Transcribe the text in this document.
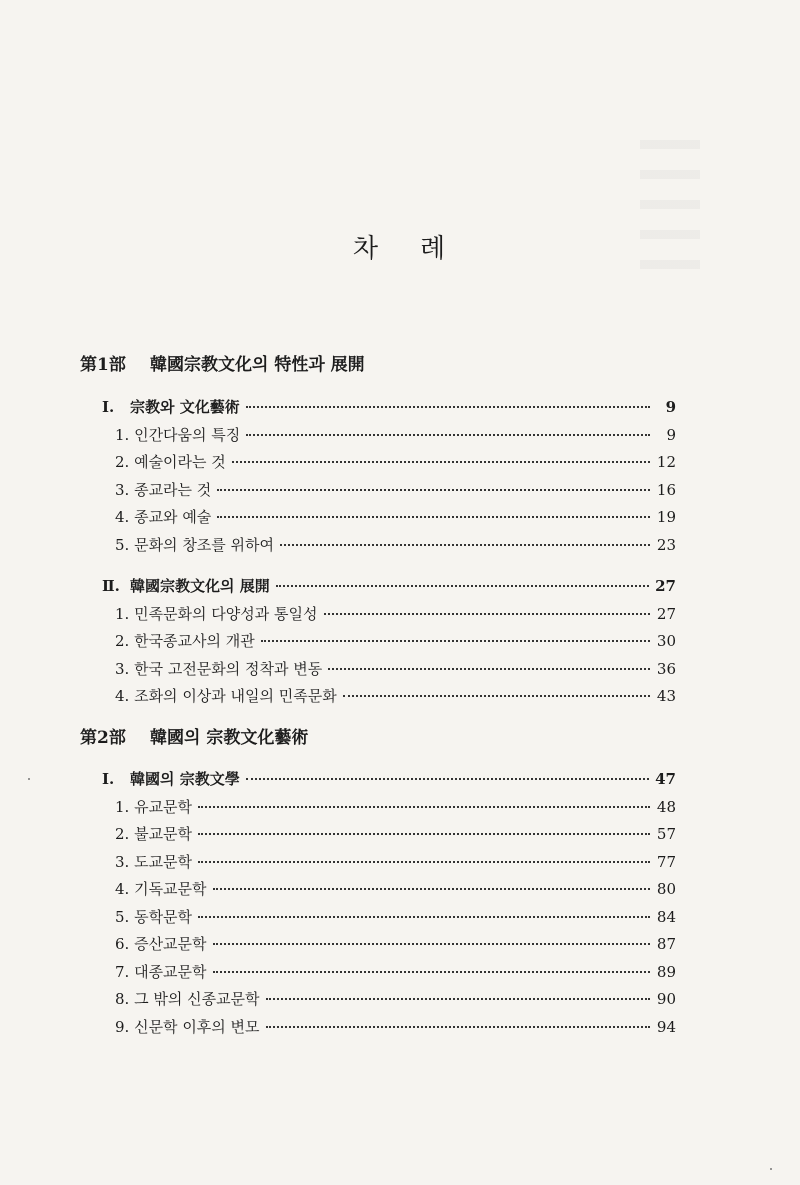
차 례
第1部 韓國宗教文化의 特性과 展開
Ⅰ. 宗教와 文化藝術	9
1. 인간다움의 특징	9
2. 예술이라는 것	12
3. 종교라는 것	16
4. 종교와 예술	19
5. 문화의 창조를 위하여	23
Ⅱ. 韓國宗教文化의 展開	27
1. 민족문화의 다양성과 통일성	27
2. 한국종교사의 개관	30
3. 한국 고전문화의 정착과 변동	36
4. 조화의 이상과 내일의 민족문화	43
第2部 韓國의 宗教文化藝術
Ⅰ. 韓國의 宗教文學	47
1. 유교문학	48
2. 불교문학	57
3. 도교문학	77
4. 기독교문학	80
5. 동학문학	84
6. 증산교문학	87
7. 대종교문학	89
8. 그 밖의 신종교문학	90
9. 신문학 이후의 변모	94
